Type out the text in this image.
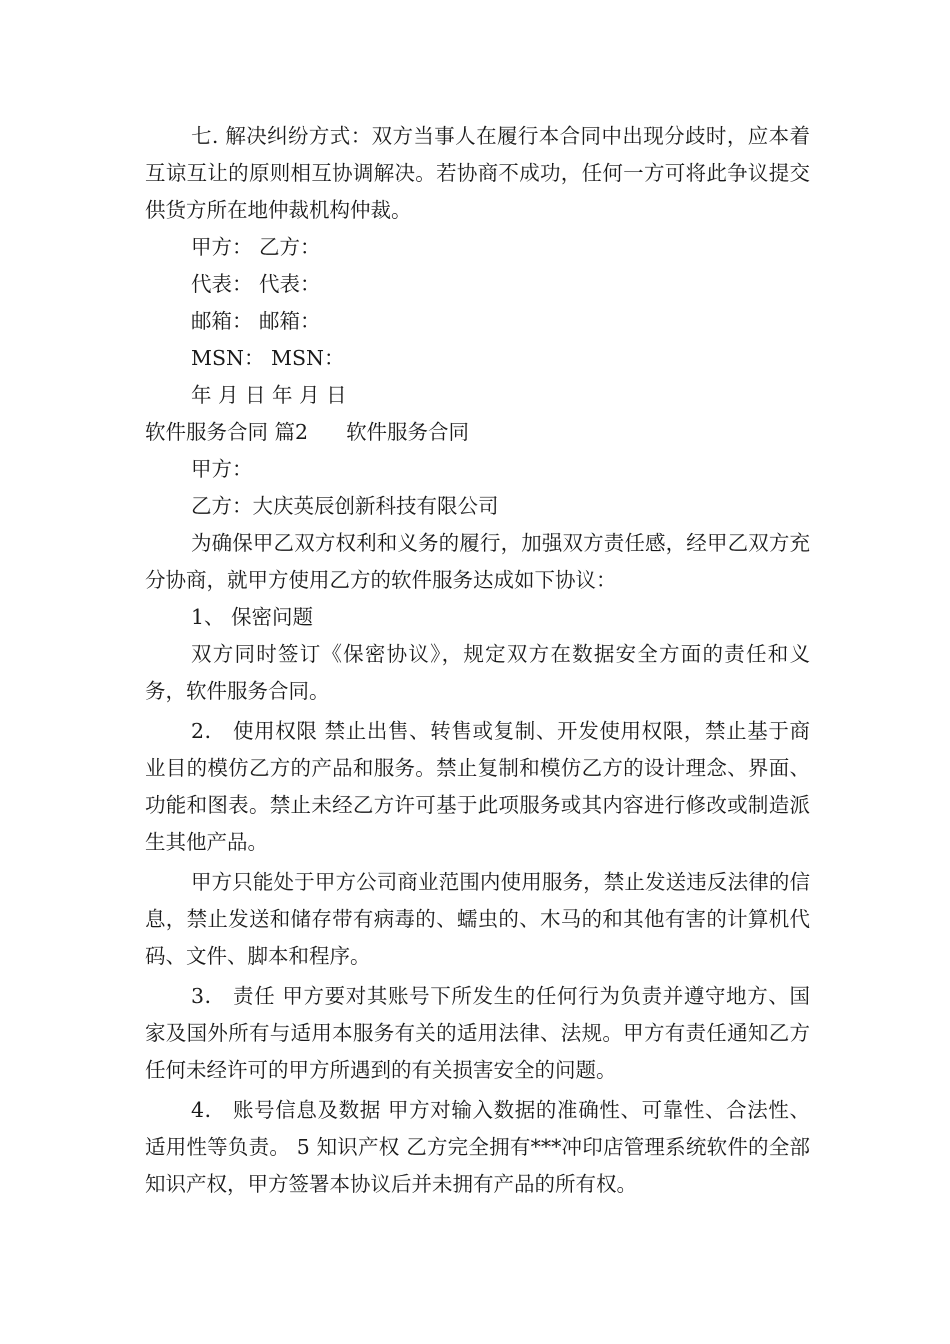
七. 解决纠纷方式：双方当事人在履行本合同中出现分歧时，应本着互谅互让的原则相互协调解决。若协商不成功，任何一方可将此争议提交供货方所在地仲裁机构仲裁。

甲方： 乙方：

代表： 代表：

邮箱： 邮箱：

MSN： MSN：

年 月 日 年 月 日

软件服务合同 篇2 软件服务合同

甲方：

乙方：大庆英辰创新科技有限公司

为确保甲乙双方权利和义务的履行，加强双方责任感，经甲乙双方充分协商，就甲方使用乙方的软件服务达成如下协议：

1、 保密问题

双方同时签订《保密协议》，规定双方在数据安全方面的责任和义务，软件服务合同。

2． 使用权限 禁止出售、转售或复制、开发使用权限，禁止基于商业目的模仿乙方的产品和服务。禁止复制和模仿乙方的设计理念、界面、功能和图表。禁止未经乙方许可基于此项服务或其内容进行修改或制造派生其他产品。

甲方只能处于甲方公司商业范围内使用服务，禁止发送违反法律的信息，禁止发送和储存带有病毒的、蠕虫的、木马的和其他有害的计算机代码、文件、脚本和程序。

3． 责任 甲方要对其账号下所发生的任何行为负责并遵守地方、国家及国外所有与适用本服务有关的适用法律、法规。甲方有责任通知乙方任何未经许可的甲方所遇到的有关损害安全的问题。

4． 账号信息及数据 甲方对输入数据的准确性、可靠性、合法性、适用性等负责。 5 知识产权 乙方完全拥有***冲印店管理系统软件的全部知识产权，甲方签署本协议后并未拥有产品的所有权。
